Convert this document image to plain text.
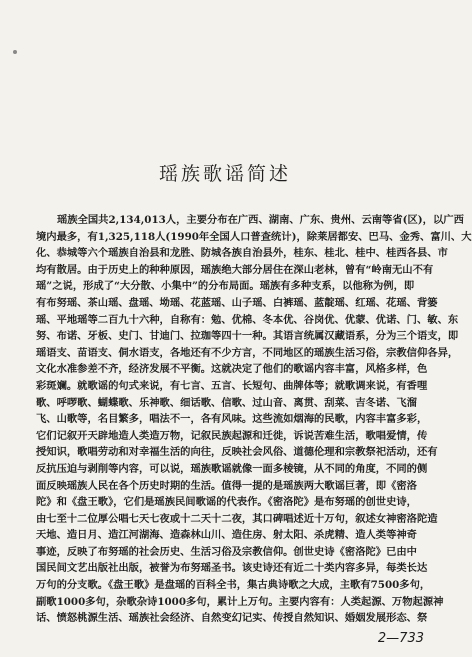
瑶族歌谣简述
瑶族全国共2,134,013人，主要分布在广西、湖南、广东、贵州、云南等省(区)，以广西
境内最多，有1,325,118人(1990年全国人口普查统计)，除莱居都安、巴马、金秀、富川、大
化、恭城等六个瑶族自治县和龙胜、防城各族自治县外，桂东、桂北、桂中、桂西各县、市
均有散居。由于历史上的种种原因，瑶族绝大部分居住在深山老林，曾有“岭南无山不有
瑶”之说，形成了“大分散、小集中”的分布局面。瑶族有多种支系，以他称为例，即
有布努瑶、茶山瑶、盘瑶、坳瑶、花蓝瑶、山子瑶、白裤瑶、蓝靛瑶、红瑶、花瑶、背篓
瑶、平地瑶等二百九十六种，自称有：勉、优棉、冬本优、谷岗优、优蒙、优诺、门、敏、东
努、布诺、牙板、史门、甘迪门、拉珈等四十一种。其语言统属汉藏语系，分为三个语支，即
瑶语支、苗语支、侗水语支，各地还有不少方言，不同地区的瑶族生活习俗，宗教信仰各异，
文化水准参差不齐，经济发展不平衡。这就决定了他们的歌谣内容丰富，风格多样，色
彩斑斓。就歌谣的句式来说，有七言、五言、长短句、曲牌体等；就歌调来说，有香哩
歌、呼啰歌、蝴蝶歌、乐神歌、细话歌、信歌、过山音、离贯、刮菜、吉冬诺、飞溜
飞、山歌等，名目繁多，唱法不一，各有风味。这些流如烟海的民歌，内容丰富多彩，
它们记叙开天辟地造人类造万物，记叙民族起源和迁徙，诉说苦难生活，歌唱爱情，传
授知识，歌唱劳动和对幸福生活的向往，反映社会风俗、道德伦理和宗教祭祀活动，还有
反抗压迫与剥削等内容，可以说，瑶族歌谣就像一面多棱镜，从不同的角度，不同的侧
面反映瑶族人民在各个历史时期的生活。值得一提的是瑶族两大歌谣巨著，即《密洛
陀》和《盘王歌》，它们是瑶族民间歌谣的代表作。《密洛陀》是布努瑶的创世史诗，
由七至十二位厚公唱七天七夜或十二天十二夜，其口碑唱述近十万句，叙述女神密洛陀造
天地、造日月、造江河湖海、造森林山川、造住房、射太阳、杀虎精、造人类等神奇
事迹，反映了布努瑶的社会历史、生活习俗及宗教信仰。创世史诗《密洛陀》已由中
国民间文艺出版社出版，被誉为布努瑶圣书。该史诗还有近二十类内容多异，每类长达
万句的分支歌。《盘王歌》是盘瑶的百科全书，集古典诗歌之大成，主歌有7500多句，
副歌1000多句，杂歌杂诗1000多句，累计上万句。主要内容有：人类起源、万物起源神
话、愤怒桃源生活、瑶族社会经济、自然变幻记实、传授自然知识、婚姻发展形态、祭
2—733
